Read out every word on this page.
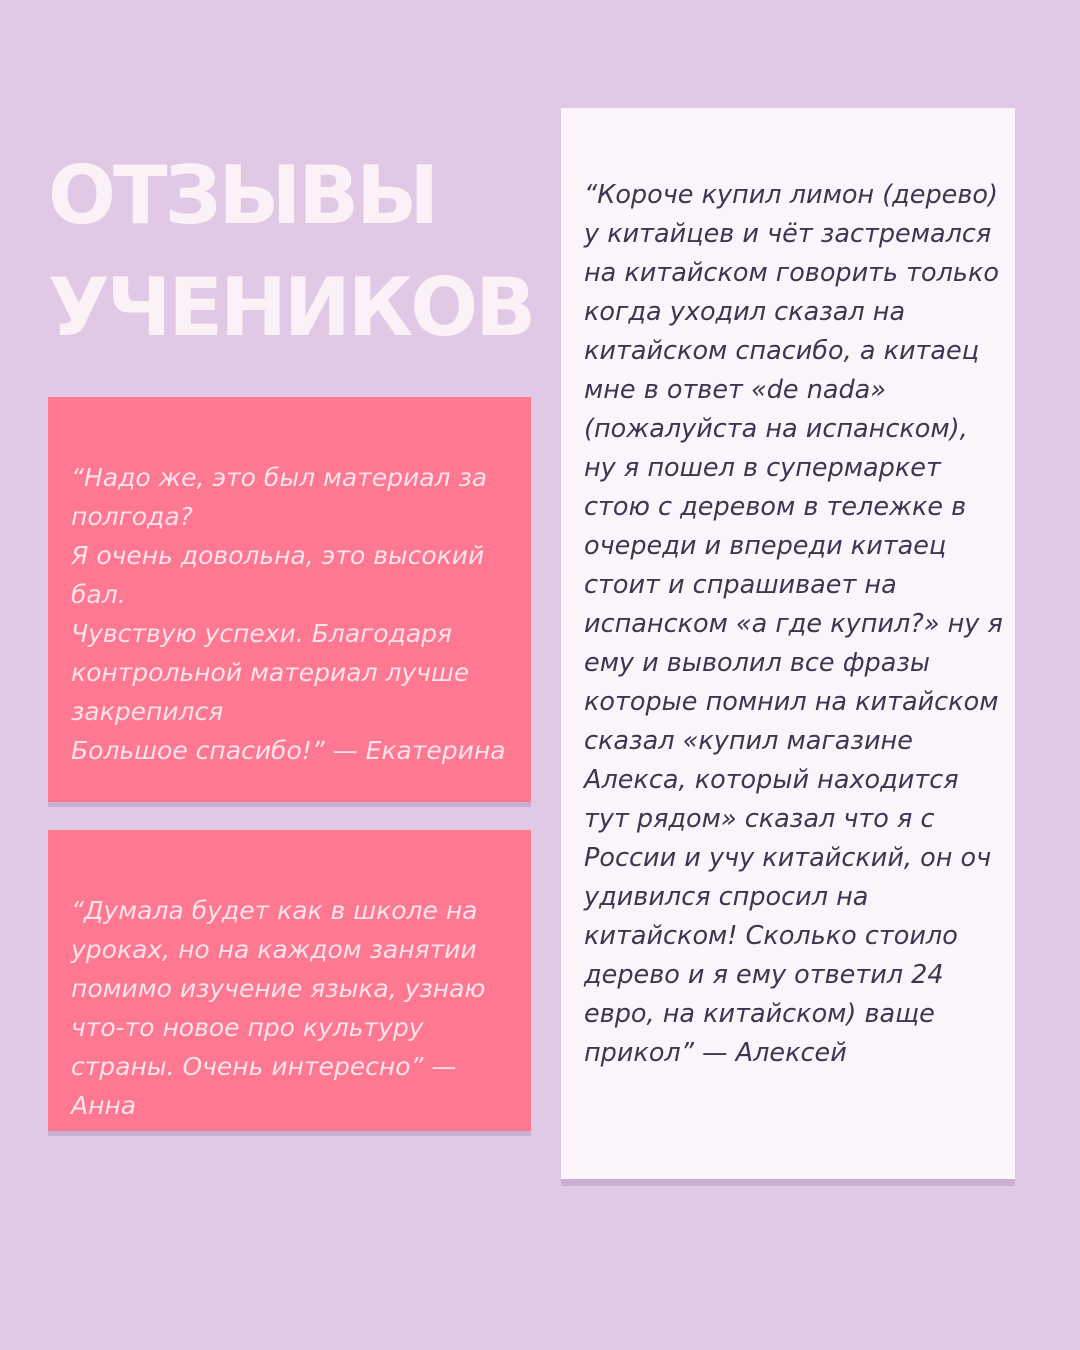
ОТЗЫВЫ
УЧЕНИКОВ

“Надо же, это был материал за полгода?
Я очень довольна, это высокий бал.
Чувствую успехи. Благодаря контрольной материал лучше закрепился
Большое спасибо!” — Екатерина

“Думала будет как в школе на уроках, но на каждом занятии помимо изучение языка, узнаю что-то новое про культуру страны. Очень интересно” — Анна

“Короче купил лимон (дерево) у китайцев и чёт застремался на китайском говорить только когда уходил сказал на китайском спасибо, а китаец мне в ответ «de nada» (пожалуйста на испанском), ну я пошел в супермаркет стою с деревом в тележке в очереди и впереди китаец стоит и спрашивает на испанском «а где купил?» ну я ему и выволил все фразы которые помнил на китайском сказал «купил магазине Алекса, который находится тут рядом» сказал что я с России и учу китайский, он оч удивился спросил на китайском! Сколько стоило дерево и я ему ответил 24 евро, на китайском) ваще прикол” — Алексей
